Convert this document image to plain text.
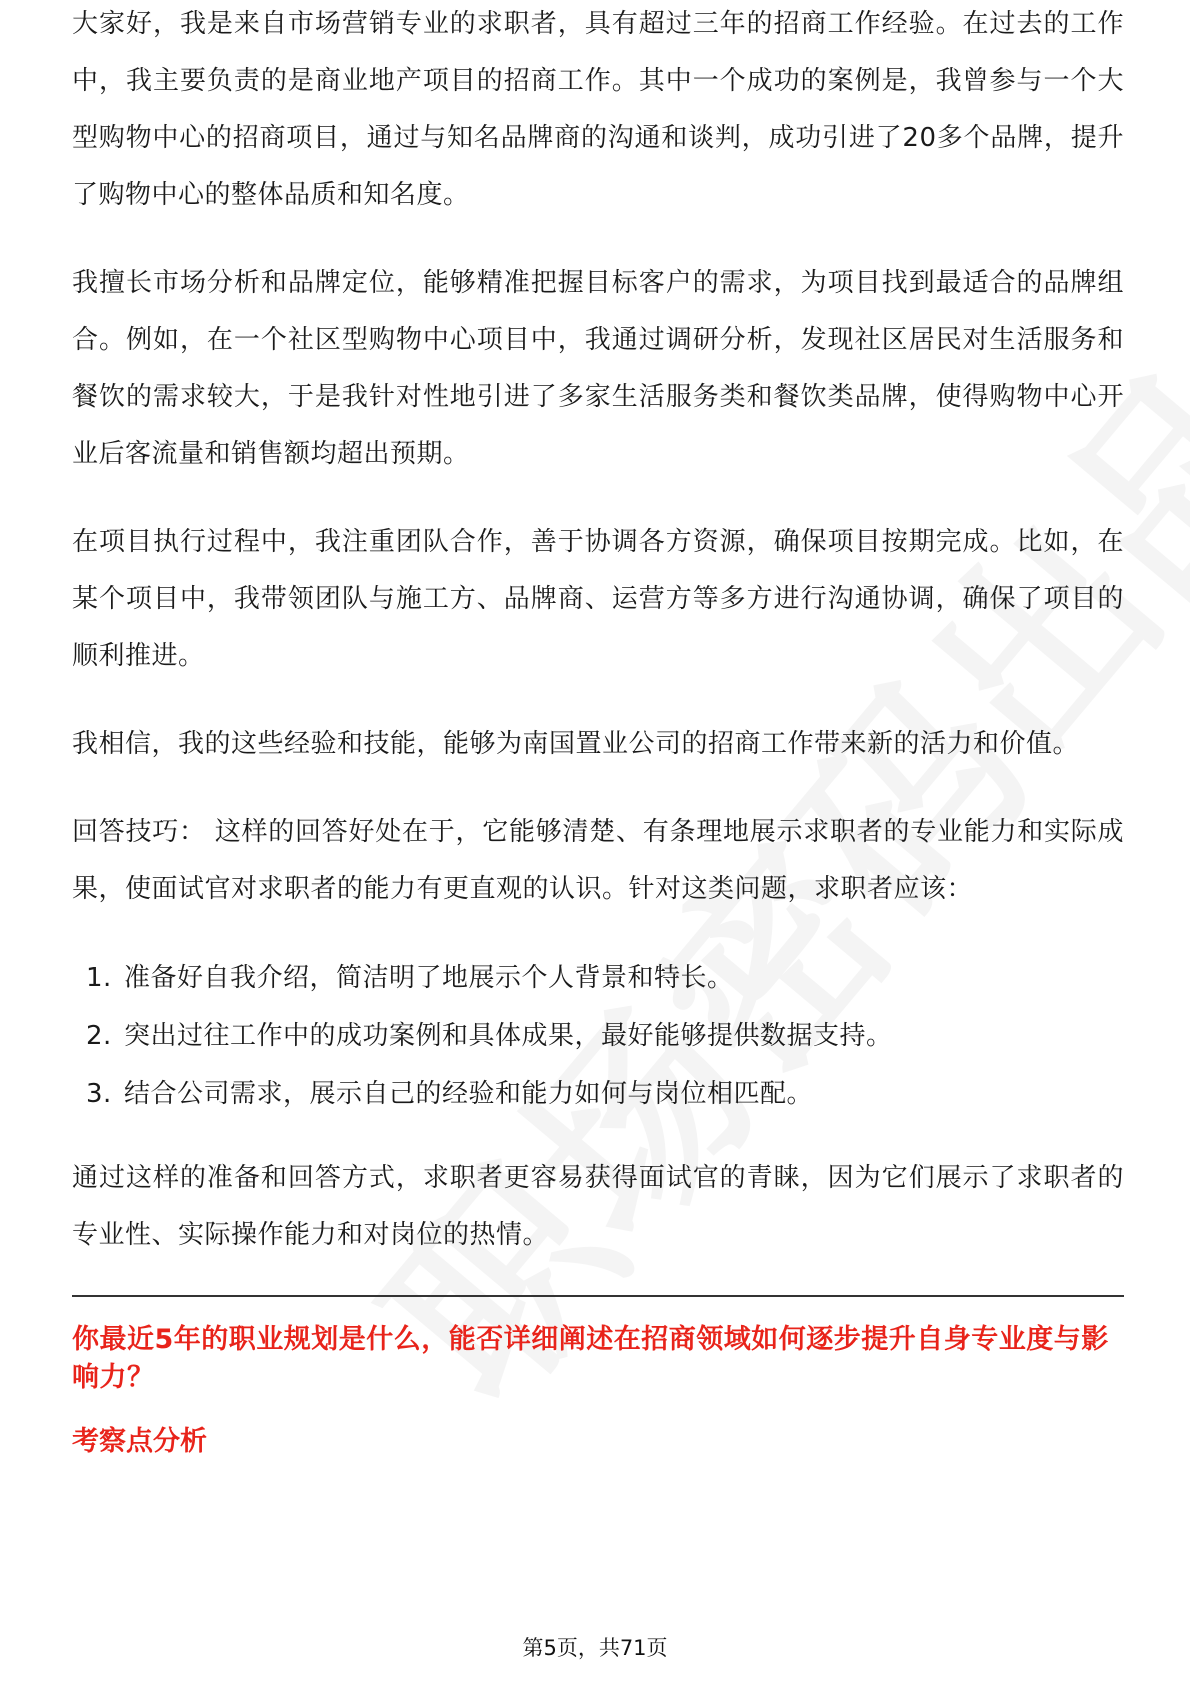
大家好，我是来自市场营销专业的求职者，具有超过三年的招商工作经验。在过去的工作中，我主要负责的是商业地产项目的招商工作。其中一个成功的案例是，我曾参与一个大型购物中心的招商项目，通过与知名品牌商的沟通和谈判，成功引进了20多个品牌，提升了购物中心的整体品质和知名度。

我擅长市场分析和品牌定位，能够精准把握目标客户的需求，为项目找到最适合的品牌组合。例如，在一个社区型购物中心项目中，我通过调研分析，发现社区居民对生活服务和餐饮的需求较大，于是我针对性地引进了多家生活服务类和餐饮类品牌，使得购物中心开业后客流量和销售额均超出预期。

在项目执行过程中，我注重团队合作，善于协调各方资源，确保项目按期完成。比如，在某个项目中，我带领团队与施工方、品牌商、运营方等多方进行沟通协调，确保了项目的顺利推进。

我相信，我的这些经验和技能，能够为南国置业公司的招商工作带来新的活力和价值。

回答技巧： 这样的回答好处在于，它能够清楚、有条理地展示求职者的专业能力和实际成果，使面试官对求职者的能力有更直观的认识。针对这类问题，求职者应该：

1. 准备好自我介绍，简洁明了地展示个人背景和特长。
2. 突出过往工作中的成功案例和具体成果，最好能够提供数据支持。
3. 结合公司需求，展示自己的经验和能力如何与岗位相匹配。

通过这样的准备和回答方式，求职者更容易获得面试官的青睐，因为它们展示了求职者的专业性、实际操作能力和对岗位的热情。

你最近5年的职业规划是什么，能否详细阐述在招商领域如何逐步提升自身专业度与影响力？
考察点分析
第5页，共71页
